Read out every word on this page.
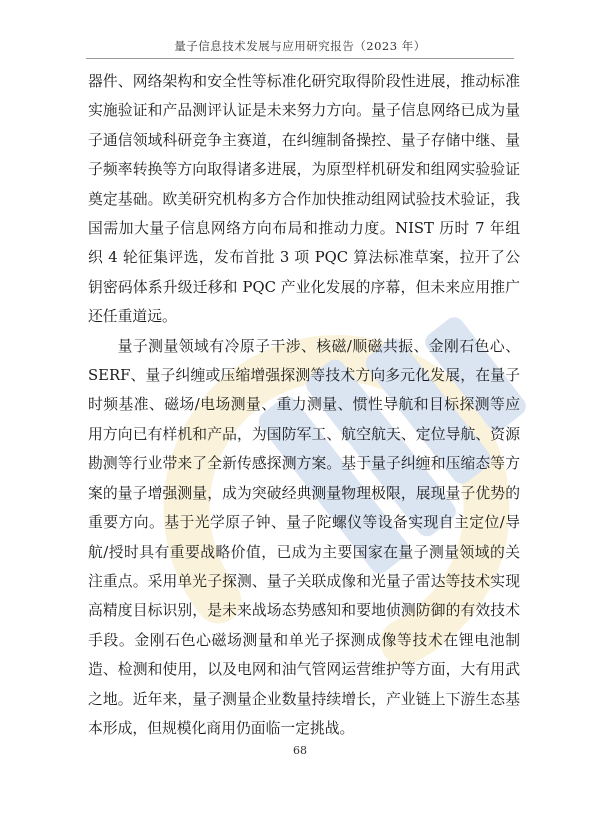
量子信息技术发展与应用研究报告（2023 年）

器件、网络架构和安全性等标准化研究取得阶段性进展，推动标准实施验证和产品测评认证是未来努力方向。量子信息网络已成为量子通信领域科研竞争主赛道，在纠缠制备操控、量子存储中继、量子频率转换等方向取得诸多进展，为原型样机研发和组网实验验证奠定基础。欧美研究机构多方合作加快推动组网试验技术验证，我国需加大量子信息网络方向布局和推动力度。NIST 历时 7 年组织 4 轮征集评选，发布首批 3 项 PQC 算法标准草案，拉开了公钥密码体系升级迁移和 PQC 产业化发展的序幕，但未来应用推广还任重道远。

量子测量领域有冷原子干涉、核磁/顺磁共振、金刚石色心、SERF、量子纠缠或压缩增强探测等技术方向多元化发展，在量子时频基准、磁场/电场测量、重力测量、惯性导航和目标探测等应用方向已有样机和产品，为国防军工、航空航天、定位导航、资源勘测等行业带来了全新传感探测方案。基于量子纠缠和压缩态等方案的量子增强测量，成为突破经典测量物理极限，展现量子优势的重要方向。基于光学原子钟、量子陀螺仪等设备实现自主定位/导航/授时具有重要战略价值，已成为主要国家在量子测量领域的关注重点。采用单光子探测、量子关联成像和光量子雷达等技术实现高精度目标识别，是未来战场态势感知和要地侦测防御的有效技术手段。金刚石色心磁场测量和单光子探测成像等技术在锂电池制造、检测和使用，以及电网和油气管网运营维护等方面，大有用武之地。近年来，量子测量企业数量持续增长，产业链上下游生态基本形成，但规模化商用仍面临一定挑战。

68
